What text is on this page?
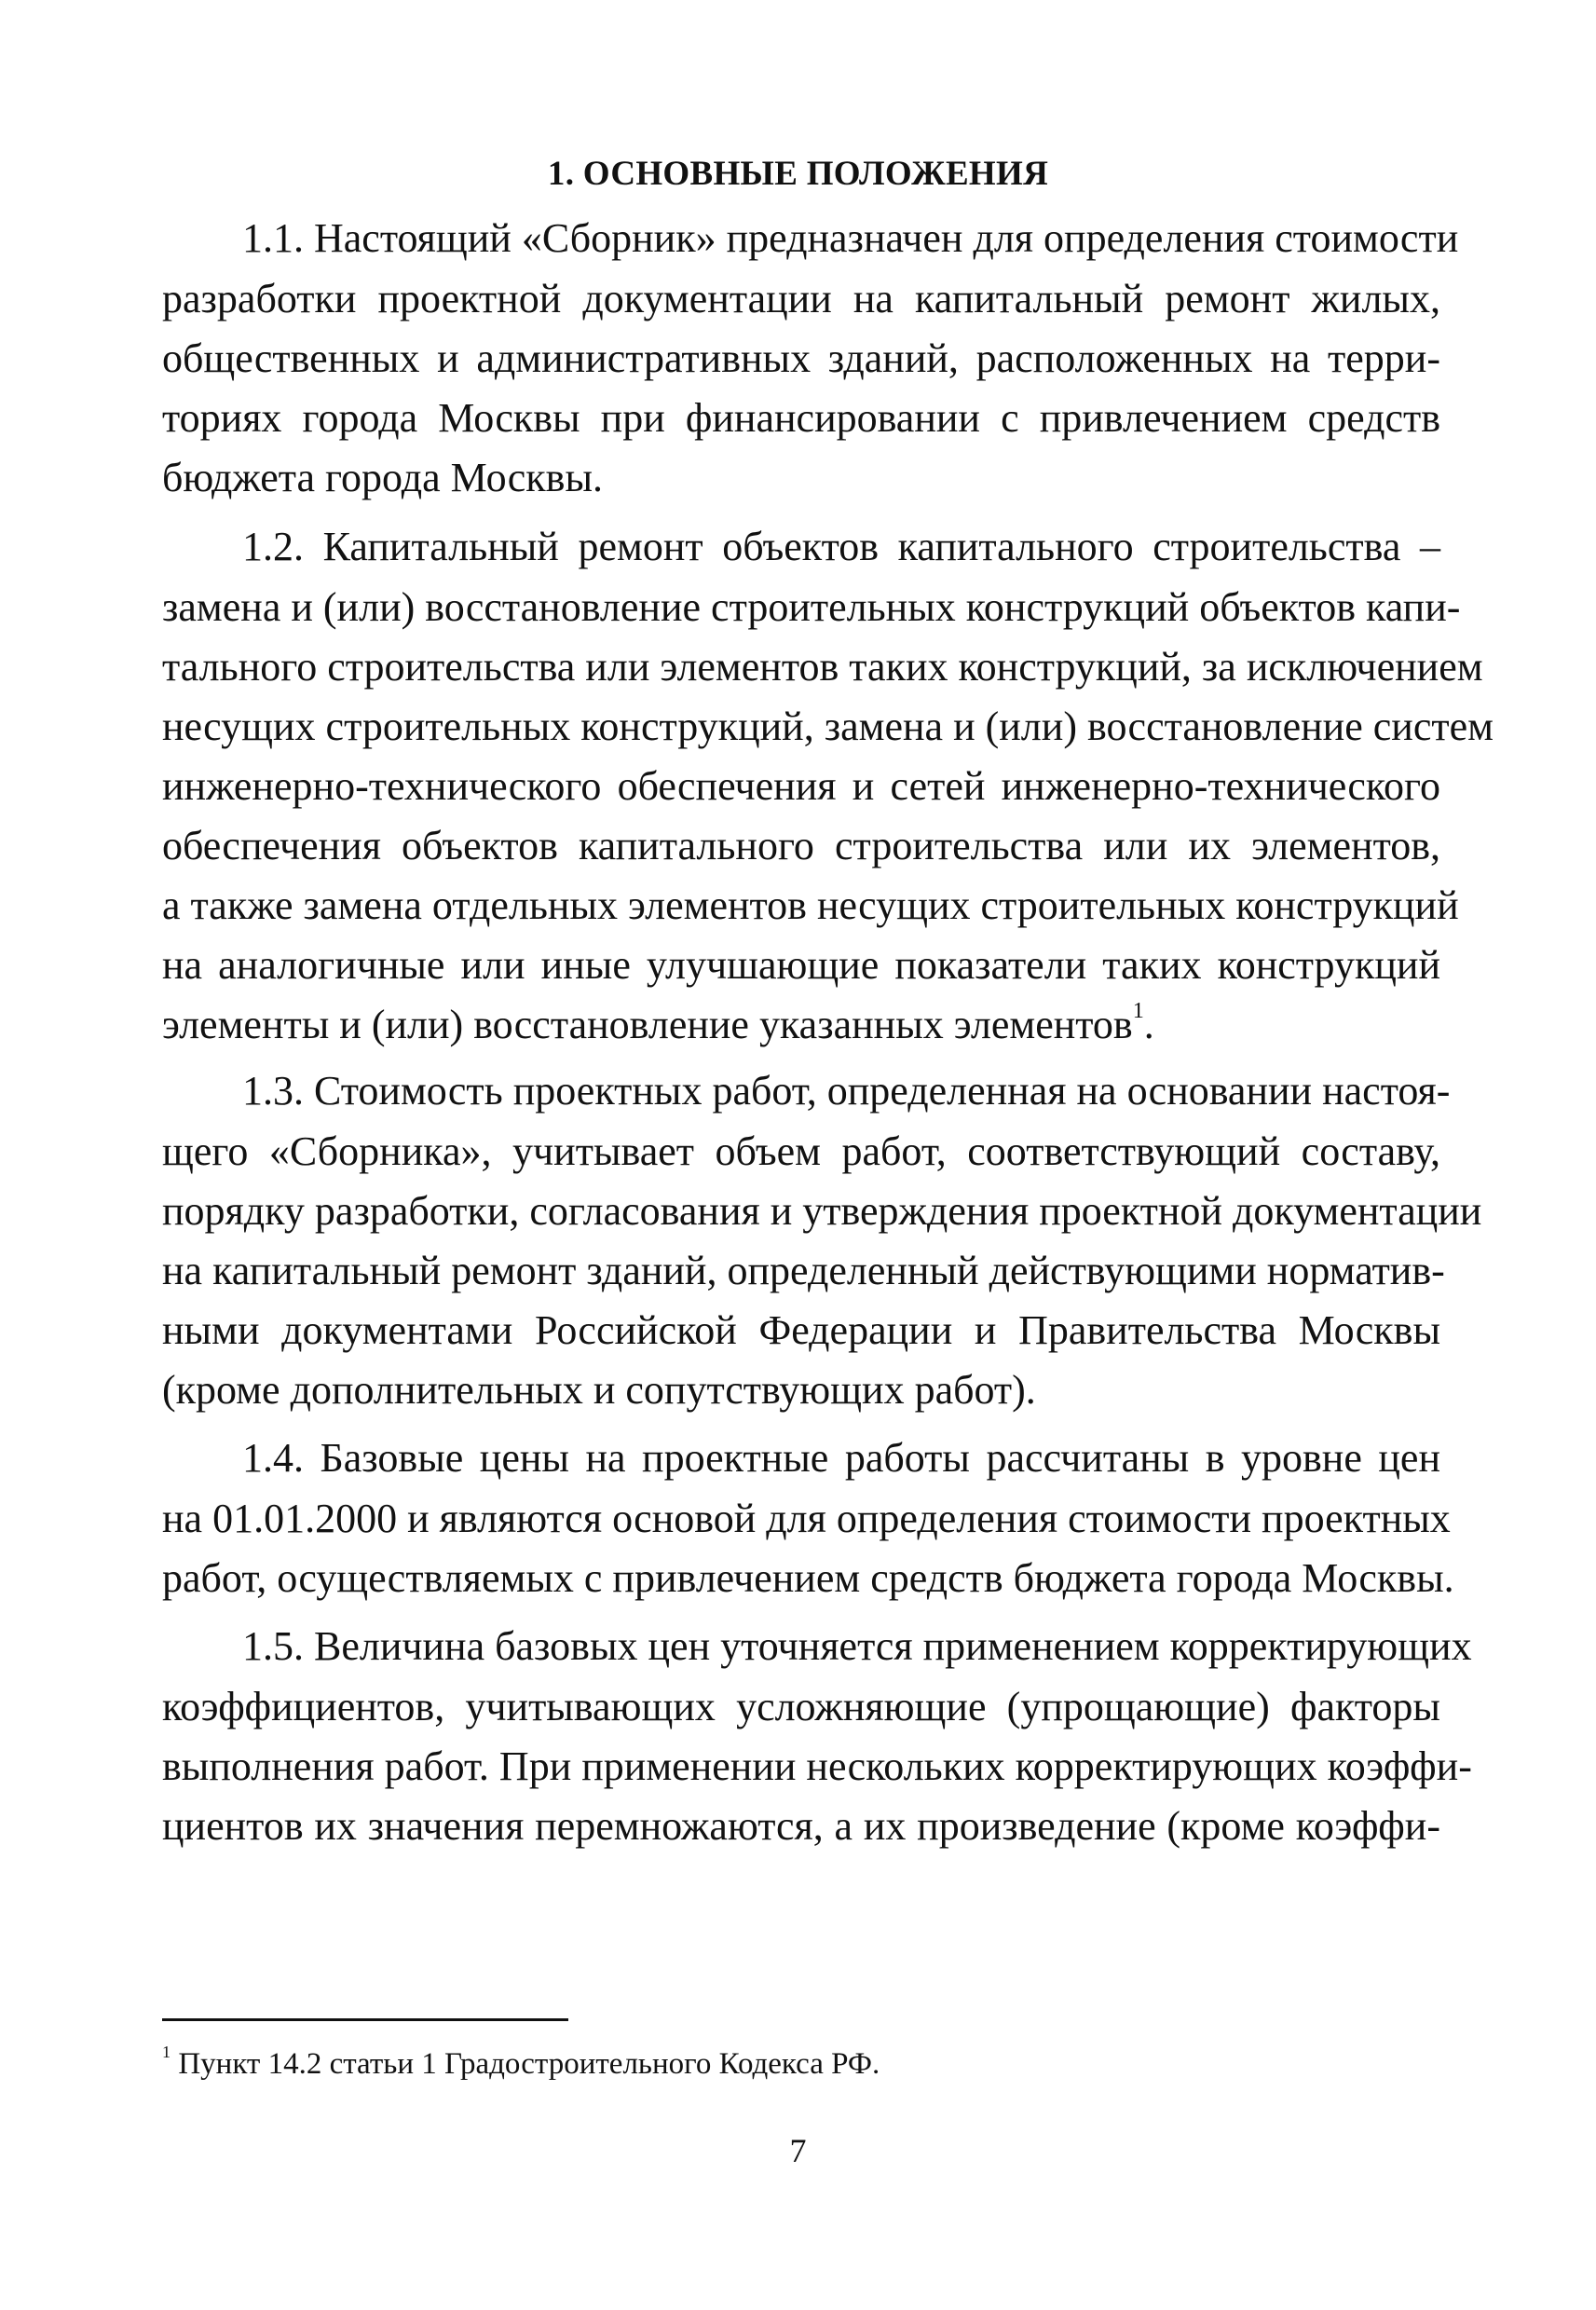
1. ОСНОВНЫЕ ПОЛОЖЕНИЯ
1.1. Настоящий «Сборник» предназначен для определения стоимости
разработки проектной документации на капитальный ремонт жилых,
общественных и административных зданий, расположенных на терри-
ториях города Москвы при финансировании с привлечением средств
бюджета города Москвы.
1.2. Капитальный ремонт объектов капитального строительства –
замена и (или) восстановление строительных конструкций объектов капи-
тального строительства или элементов таких конструкций, за исключением
несущих строительных конструкций, замена и (или) восстановление систем
инженерно-технического обеспечения и сетей инженерно-технического
обеспечения объектов капитального строительства или их элементов,
а также замена отдельных элементов несущих строительных конструкций
на аналогичные или иные улучшающие показатели таких конструкций
элементы и (или) восстановление указанных элементов$^1$.
1.3. Стоимость проектных работ, определенная на основании настоя-
щего «Сборника», учитывает объем работ, соответствующий составу,
порядку разработки, согласования и утверждения проектной документации
на капитальный ремонт зданий, определенный действующими норматив-
ными документами Российской Федерации и Правительства Москвы
(кроме дополнительных и сопутствующих работ).
1.4. Базовые цены на проектные работы рассчитаны в уровне цен
на 01.01.2000 и являются основой для определения стоимости проектных
работ, осуществляемых с привлечением средств бюджета города Москвы.
1.5. Величина базовых цен уточняется применением корректирующих
коэффициентов, учитывающих усложняющие (упрощающие) факторы
выполнения работ. При применении нескольких корректирующих коэффи-
циентов их значения перемножаются, а их произведение (кроме коэффи-
$^1$ Пункт 14.2 статьи 1 Градостроительного Кодекса РФ.
7
